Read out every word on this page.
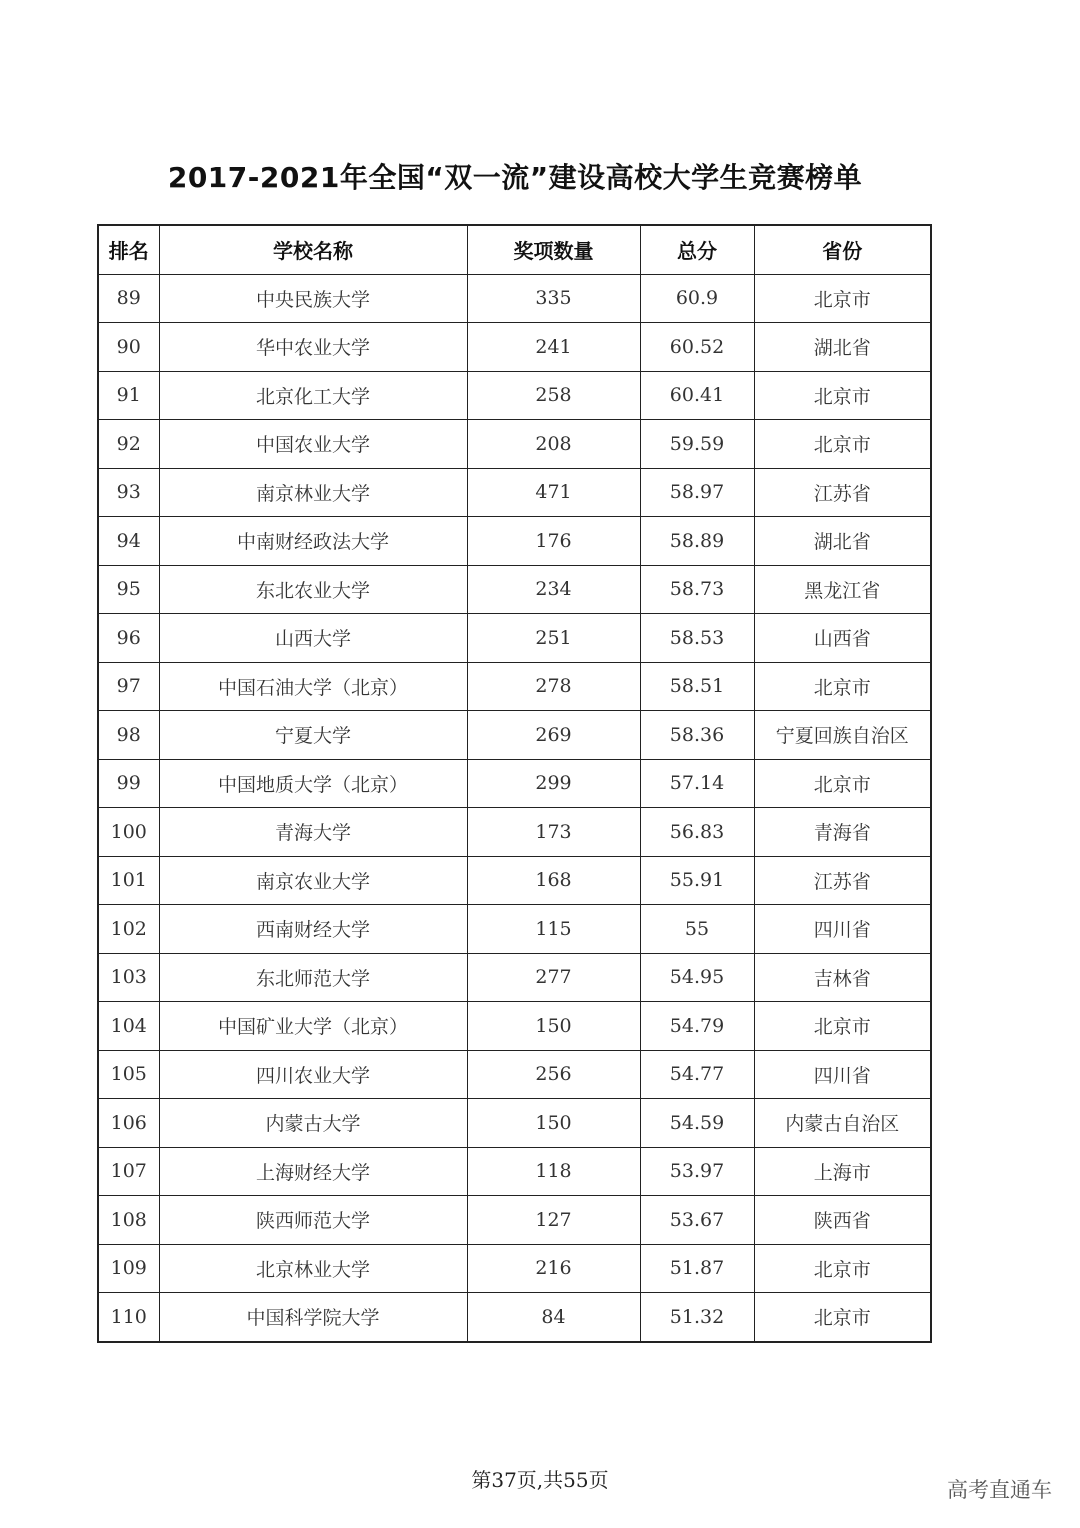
2017-2021年全国“双一流”建设高校大学生竞赛榜单
排名	学校名称	奖项数量	总分	省份
89	中央民族大学	335	60.9	北京市
90	华中农业大学	241	60.52	湖北省
91	北京化工大学	258	60.41	北京市
92	中国农业大学	208	59.59	北京市
93	南京林业大学	471	58.97	江苏省
94	中南财经政法大学	176	58.89	湖北省
95	东北农业大学	234	58.73	黑龙江省
96	山西大学	251	58.53	山西省
97	中国石油大学（北京）	278	58.51	北京市
98	宁夏大学	269	58.36	宁夏回族自治区
99	中国地质大学（北京）	299	57.14	北京市
100	青海大学	173	56.83	青海省
101	南京农业大学	168	55.91	江苏省
102	西南财经大学	115	55	四川省
103	东北师范大学	277	54.95	吉林省
104	中国矿业大学（北京）	150	54.79	北京市
105	四川农业大学	256	54.77	四川省
106	内蒙古大学	150	54.59	内蒙古自治区
107	上海财经大学	118	53.97	上海市
108	陕西师范大学	127	53.67	陕西省
109	北京林业大学	216	51.87	北京市
110	中国科学院大学	84	51.32	北京市
第37页,共55页	高考直通车
